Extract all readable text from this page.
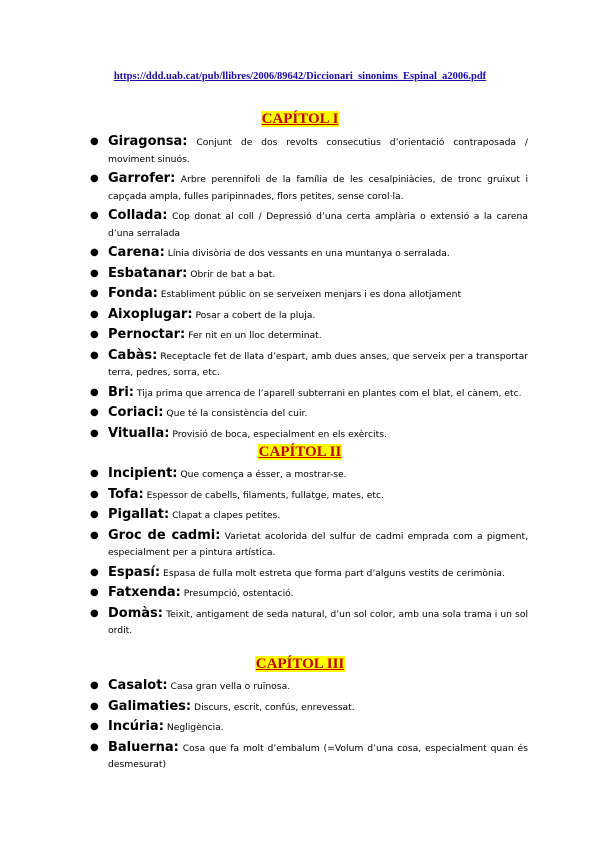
https://ddd.uab.cat/pub/llibres/2006/89642/Diccionari_sinonims_Espinal_a2006.pdf
CAPÍTOL I
● Giragonsa: Conjunt de dos revolts consecutius d’orientació contraposada / moviment sinuós.
● Garrofer: Arbre perennifoli de la família de les cesalpiniàcies, de tronc gruixut i capçada ampla, fulles paripinnades, flors petites, sense corol·la.
● Collada: Cop donat al coll / Depressió d’una certa amplària o extensió a la carena d’una serralada
● Carena: Línia divisòria de dos vessants en una muntanya o serralada.
● Esbatanar: Obrir de bat a bat.
● Fonda: Establiment públic on se serveixen menjars i es dona allotjament
● Aixoplugar: Posar a cobert de la pluja.
● Pernoctar: Fer nit en un lloc determinat.
● Cabàs: Receptacle fet de llata d’espart, amb dues anses, que serveix per a transportar terra, pedres, sorra, etc.
● Bri: Tija prima que arrenca de l’aparell subterrani en plantes com el blat, el cànem, etc.
● Coriaci: Que té la consistència del cuir.
● Vitualla: Provisió de boca, especialment en els exèrcits.
CAPÍTOL II
● Incipient: Que comença a ésser, a mostrar-se.
● Tofa: Espessor de cabells, filaments, fullatge, mates, etc.
● Pigallat: Clapat a clapes petites.
● Groc de cadmi: Varietat acolorida del sulfur de cadmi emprada com a pigment, especialment per a pintura artística.
● Espasí: Espasa de fulla molt estreta que forma part d’alguns vestits de cerimònia.
● Fatxenda: Presumpció, ostentació.
● Domàs: Teixit, antigament de seda natural, d’un sol color, amb una sola trama i un sol ordit.
CAPÍTOL III
● Casalot: Casa gran vella o ruïnosa.
● Galimaties: Discurs, escrit, confús, enrevessat.
● Incúria: Negligència.
● Baluerna: Cosa que fa molt d’embalum (=Volum d’una cosa, especialment quan és desmesurat)
